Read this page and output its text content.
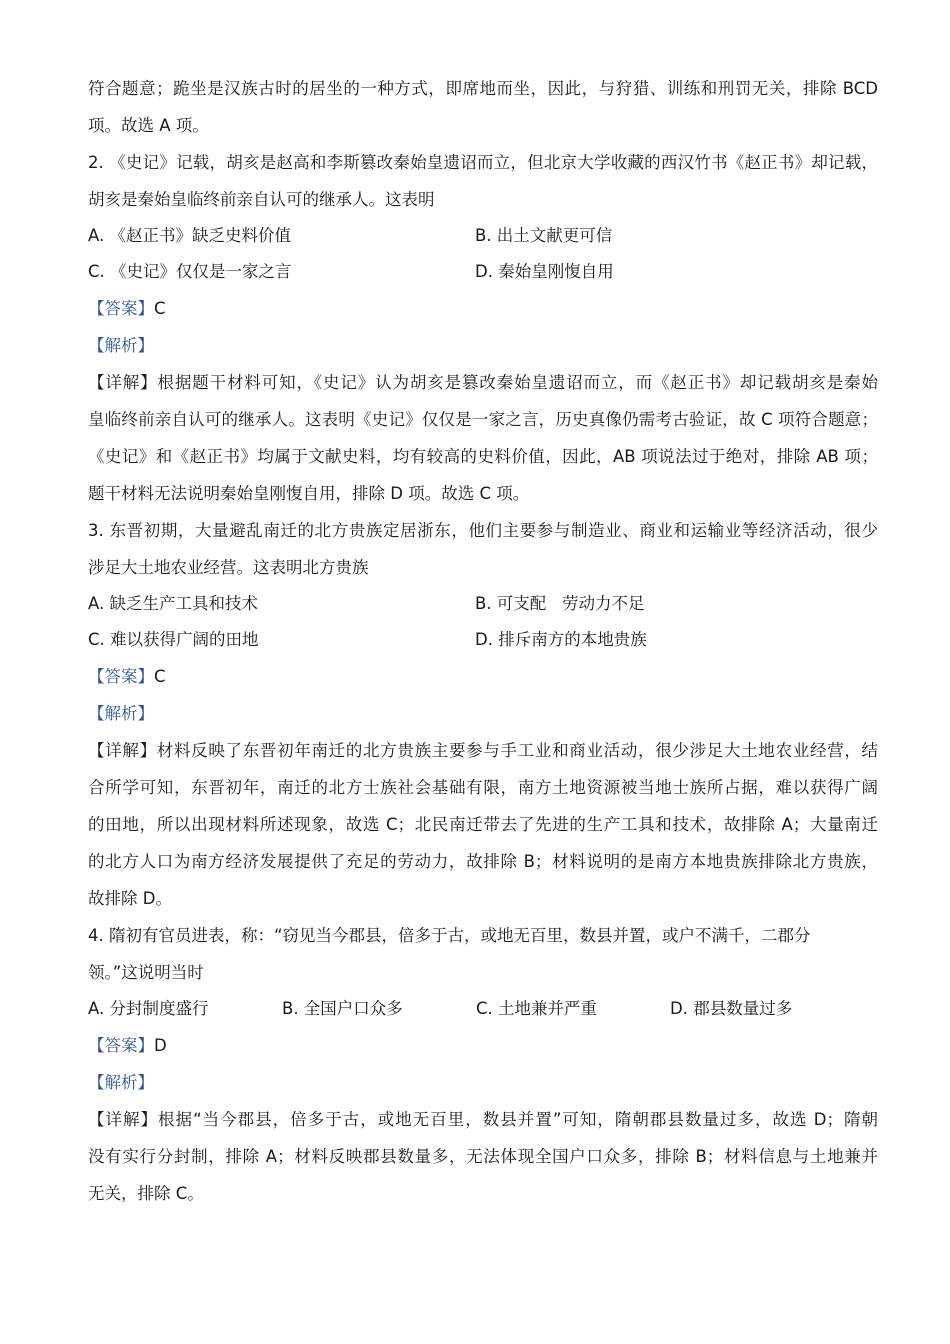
符合题意；跪坐是汉族古时的居坐的一种方式，即席地而坐，因此，与狩猎、训练和刑罚无关，排除 BCD
项。故选 A 项。
2. 《史记》记载，胡亥是赵高和李斯篡改秦始皇遗诏而立，但北京大学收藏的西汉竹书《赵正书》却记载，
胡亥是秦始皇临终前亲自认可的继承人。这表明
A. 《赵正书》缺乏史料价值	B. 出土文献更可信
C. 《史记》仅仅是一家之言	D. 秦始皇刚愎自用
【答案】C
【解析】
【详解】根据题干材料可知，《史记》认为胡亥是篡改秦始皇遗诏而立，而《赵正书》却记载胡亥是秦始
皇临终前亲自认可的继承人。这表明《史记》仅仅是一家之言，历史真像仍需考古验证，故 C 项符合题意；
《史记》和《赵正书》均属于文献史料，均有较高的史料价值，因此，AB 项说法过于绝对，排除 AB 项；
题干材料无法说明秦始皇刚愎自用，排除 D 项。故选 C 项。
3. 东晋初期，大量避乱南迁的北方贵族定居浙东，他们主要参与制造业、商业和运输业等经济活动，很少
涉足大土地农业经营。这表明北方贵族
A. 缺乏生产工具和技术	B. 可支配   劳动力不足
C. 难以获得广阔的田地	D. 排斥南方的本地贵族
【答案】C
【解析】
【详解】材料反映了东晋初年南迁的北方贵族主要参与手工业和商业活动，很少涉足大土地农业经营，结
合所学可知，东晋初年，南迁的北方士族社会基础有限，南方土地资源被当地士族所占据，难以获得广阔
的田地，所以出现材料所述现象，故选 C；北民南迁带去了先进的生产工具和技术，故排除 A；大量南迁
的北方人口为南方经济发展提供了充足的劳动力，故排除 B；材料说明的是南方本地贵族排除北方贵族，
故排除 D。
4. 隋初有官员进表，称：“窃见当今郡县，倍多于古，或地无百里，数县并置，或户不满千，二郡分
领。”这说明当时
A. 分封制度盛行	B. 全国户口众多	C. 土地兼并严重	D. 郡县数量过多
【答案】D
【解析】
【详解】根据“当今郡县，倍多于古，或地无百里，数县并置”可知，隋朝郡县数量过多，故选 D；隋朝
没有实行分封制，排除 A；材料反映郡县数量多，无法体现全国户口众多，排除 B；材料信息与土地兼并
无关，排除 C。
